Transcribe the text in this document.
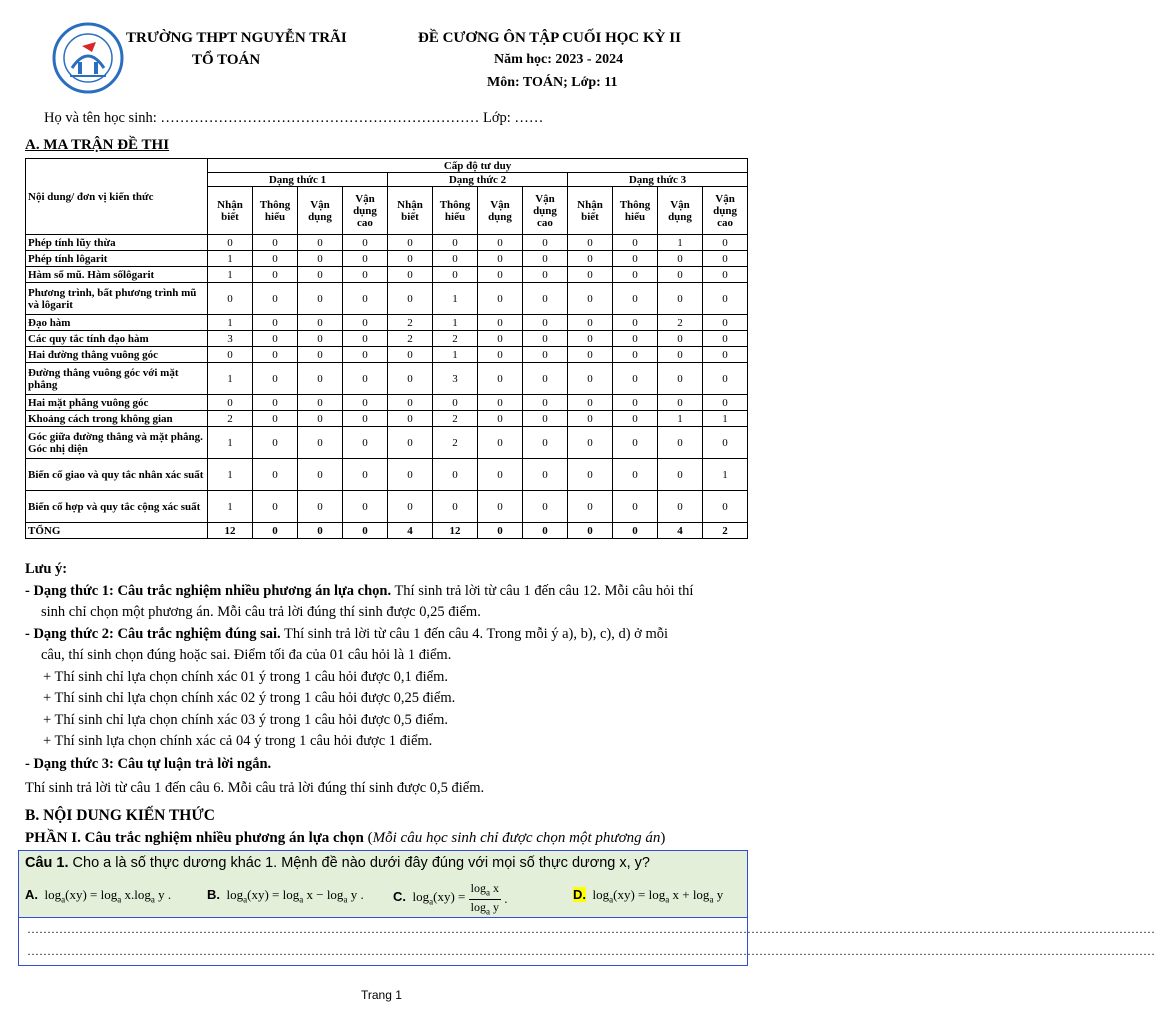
TRƯỜNG THPT NGUYỄN TRÃI
TỔ TOÁN
ĐỀ CƯƠNG ÔN TẬP CUỐI HỌC KỲ II
Năm học: 2023 - 2024
Môn: TOÁN; Lớp: 11
Họ và tên học sinh: ………………………………………………………… Lớp: ……
A. MA TRẬN ĐỀ THI
Nội dung/ đơn vị kiến thức	Cấp độ tư duy											
	Dạng thức 1				Dạng thức 2				Dạng thức 3			
	Nhận biết	Thông hiểu	Vận dụng	Vận dụng cao	Nhận biết	Thông hiểu	Vận dụng	Vận dụng cao	Nhận biết	Thông hiểu	Vận dụng	Vận dụng cao
Phép tính lũy thừa	0	0	0	0	0	0	0	0	0	0	1	0
Phép tính lôgarit	1	0	0	0	0	0	0	0	0	0	0	0
Hàm số mũ. Hàm sốlôgarit	1	0	0	0	0	0	0	0	0	0	0	0
Phương trình, bất phương trình mũ và lôgarit	0	0	0	0	0	1	0	0	0	0	0	0
Đạo hàm	1	0	0	0	2	1	0	0	0	0	2	0
Các quy tắc tính đạo hàm	3	0	0	0	2	2	0	0	0	0	0	0
Hai đường thẳng vuông góc	0	0	0	0	0	1	0	0	0	0	0	0
Đường thẳng vuông góc với mặt phẳng	1	0	0	0	0	3	0	0	0	0	0	0
Hai mặt phẳng vuông góc	0	0	0	0	0	0	0	0	0	0	0	0
Khoảng cách trong không gian	2	0	0	0	0	2	0	0	0	0	1	1
Góc giữa đường thẳng và mặt phẳng. Góc nhị diện	1	0	0	0	0	2	0	0	0	0	0	0
Biến cố giao và quy tắc nhân xác suất	1	0	0	0	0	0	0	0	0	0	0	1
Biến cố hợp và quy tắc cộng xác suất	1	0	0	0	0	0	0	0	0	0	0	0
TỔNG	12	0	0	0	4	12	0	0	0	0	4	2
Lưu ý:
- Dạng thức 1: Câu trắc nghiệm nhiều phương án lựa chọn. Thí sinh trả lời từ câu 1 đến câu 12. Mỗi câu hỏi thí
sinh chỉ chọn một phương án. Mỗi câu trả lời đúng thí sinh được 0,25 điểm.
- Dạng thức 2: Câu trắc nghiệm đúng sai. Thí sinh trả lời từ câu 1 đến câu 4. Trong mỗi ý a), b), c), d) ở mỗi
câu, thí sinh chọn đúng hoặc sai. Điểm tối đa của 01 câu hỏi là 1 điểm.
+ Thí sinh chỉ lựa chọn chính xác 01 ý trong 1 câu hỏi được 0,1 điểm.
+ Thí sinh chỉ lựa chọn chính xác 02 ý trong 1 câu hỏi được 0,25 điểm.
+ Thí sinh chỉ lựa chọn chính xác 03 ý trong 1 câu hỏi được 0,5 điểm.
+ Thí sinh lựa chọn chính xác cả 04 ý trong 1 câu hỏi được 1 điểm.
- Dạng thức 3: Câu tự luận trả lời ngắn.
Thí sinh trả lời từ câu 1 đến câu 6. Mỗi câu trả lời đúng thí sinh được 0,5 điểm.
B. NỘI DUNG KIẾN THỨC
PHẦN I. Câu trắc nghiệm nhiều phương án lựa chọn (Mỗi câu học sinh chỉ được chọn một phương án)
Câu 1. Cho a là số thực dương khác 1. Mệnh đề nào dưới đây đúng với mọi số thực dương x, y?
A.  $\log_a(xy) = \log_a x.\log_a$ y .	B.  $\log_a(xy) = \log_a x - \log_a y$ . C. $\log_a(xy) = \frac{\log_a x}{\log_a y}$ .	D.  $\log_a(xy) = \log_a x + \log_a y$
…………………………………………………………………………………………………………………………………………………………………………………………………………………………………………………………
…………………………………………………………………………………………………………………………………………………………………………………………………………………………………………………………
Trang 1
